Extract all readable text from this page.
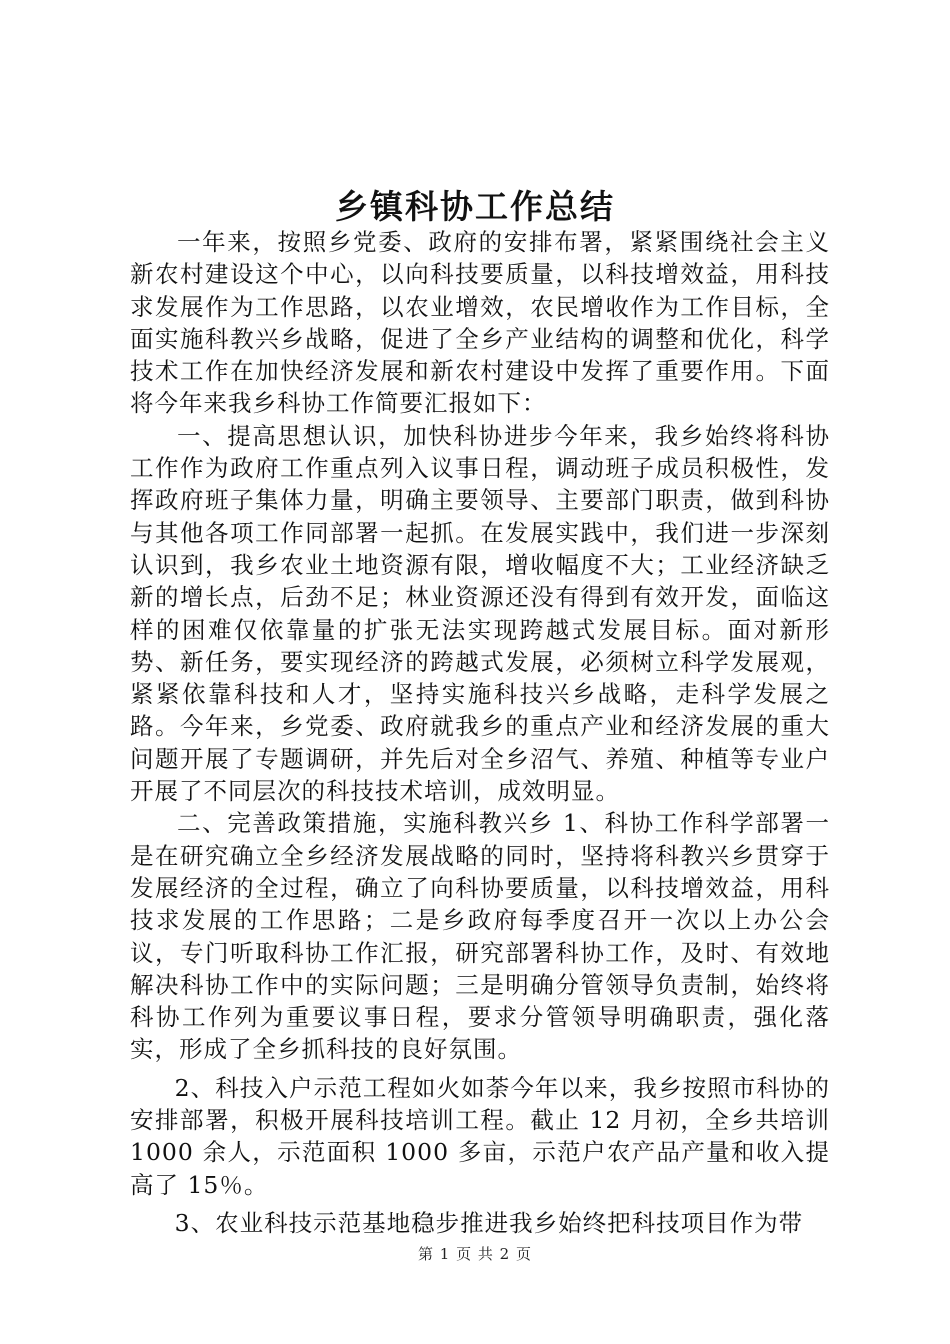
乡镇科协工作总结

一年来，按照乡党委、政府的安排布署，紧紧围绕社会主义新农村建设这个中心，以向科技要质量，以科技增效益，用科技求发展作为工作思路，以农业增效，农民增收作为工作目标，全面实施科教兴乡战略，促进了全乡产业结构的调整和优化，科学技术工作在加快经济发展和新农村建设中发挥了重要作用。下面将今年来我乡科协工作简要汇报如下：

一、提高思想认识，加快科协进步今年来，我乡始终将科协工作作为政府工作重点列入议事日程，调动班子成员积极性，发挥政府班子集体力量，明确主要领导、主要部门职责，做到科协与其他各项工作同部署一起抓。在发展实践中，我们进一步深刻认识到，我乡农业土地资源有限，增收幅度不大；工业经济缺乏新的增长点，后劲不足；林业资源还没有得到有效开发，面临这样的困难仅依靠量的扩张无法实现跨越式发展目标。面对新形势、新任务，要实现经济的跨越式发展，必须树立科学发展观，紧紧依靠科技和人才，坚持实施科技兴乡战略，走科学发展之路。今年来，乡党委、政府就我乡的重点产业和经济发展的重大问题开展了专题调研，并先后对全乡沼气、养殖、种植等专业户开展了不同层次的科技技术培训，成效明显。

二、完善政策措施，实施科教兴乡 1、科协工作科学部署一是在研究确立全乡经济发展战略的同时，坚持将科教兴乡贯穿于发展经济的全过程，确立了向科协要质量，以科技增效益，用科技求发展的工作思路；二是乡政府每季度召开一次以上办公会议，专门听取科协工作汇报，研究部署科协工作，及时、有效地解决科协工作中的实际问题；三是明确分管领导负责制，始终将科协工作列为重要议事日程，要求分管领导明确职责，强化落实，形成了全乡抓科技的良好氛围。

2、科技入户示范工程如火如荼今年以来，我乡按照市科协的安排部署，积极开展科技培训工程。截止 12 月初，全乡共培训 1000 余人，示范面积 1000 多亩，示范户农产品产量和收入提高了 15％。

3、农业科技示范基地稳步推进我乡始终把科技项目作为带

第 1 页 共 2 页
